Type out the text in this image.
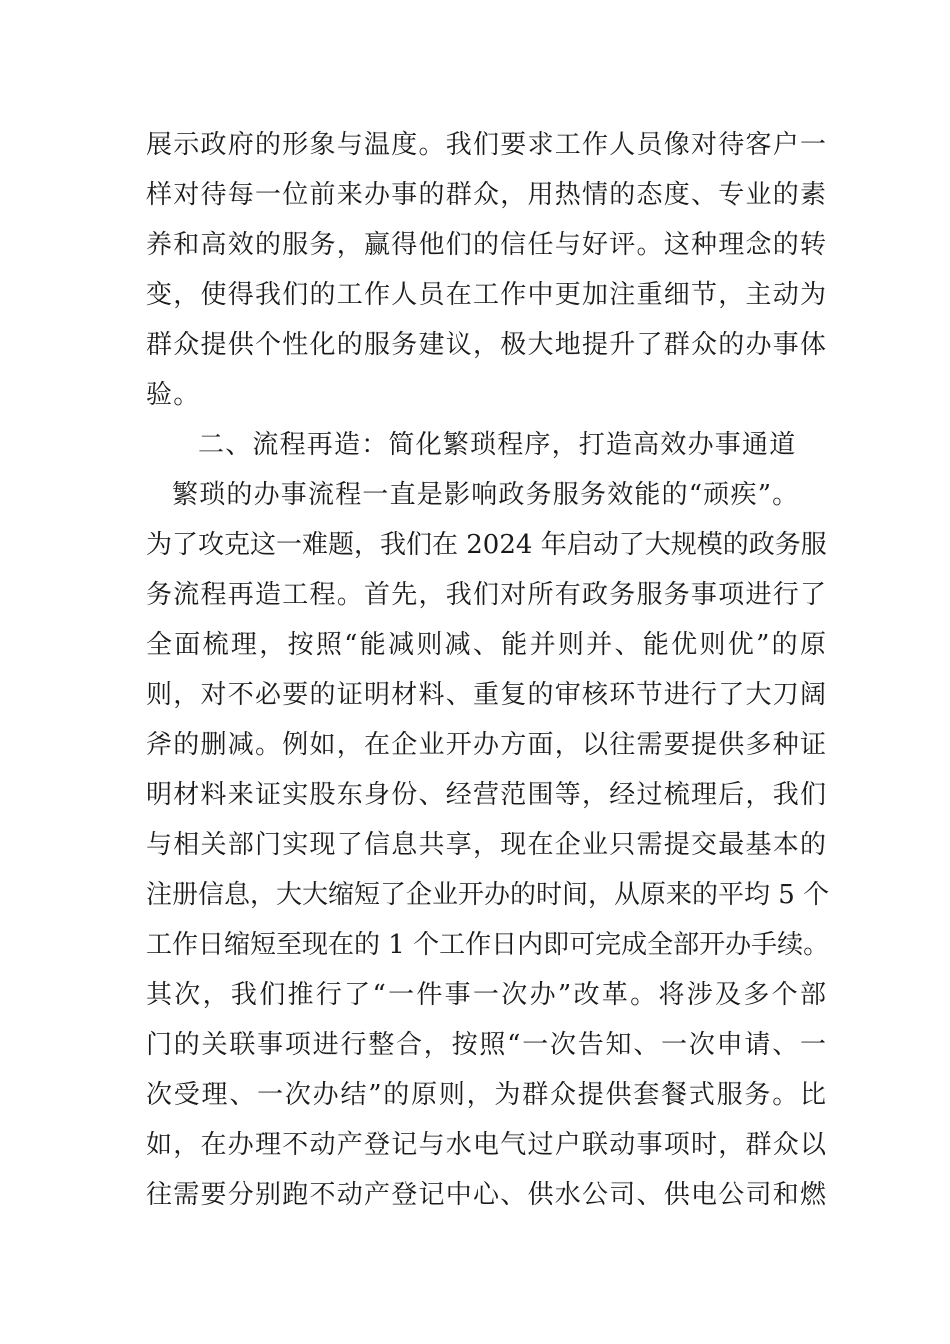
展示政府的形象与温度。我们要求工作人员像对待客户一
样对待每一位前来办事的群众，用热情的态度、专业的素
养和高效的服务，赢得他们的信任与好评。这种理念的转
变，使得我们的工作人员在工作中更加注重细节，主动为
群众提供个性化的服务建议，极大地提升了群众的办事体
验。
二、流程再造：简化繁琐程序，打造高效办事通道
繁琐的办事流程一直是影响政务服务效能的“顽疾”。
为了攻克这一难题，我们在 2024 年启动了大规模的政务服
务流程再造工程。首先，我们对所有政务服务事项进行了
全面梳理，按照“能减则减、能并则并、能优则优”的原
则，对不必要的证明材料、重复的审核环节进行了大刀阔
斧的删减。例如，在企业开办方面，以往需要提供多种证
明材料来证实股东身份、经营范围等，经过梳理后，我们
与相关部门实现了信息共享，现在企业只需提交最基本的
注册信息，大大缩短了企业开办的时间，从原来的平均 5 个
工作日缩短至现在的 1 个工作日内即可完成全部开办手续。
其次，我们推行了“一件事一次办”改革。将涉及多个部
门的关联事项进行整合，按照“一次告知、一次申请、一
次受理、一次办结”的原则，为群众提供套餐式服务。比
如，在办理不动产登记与水电气过户联动事项时，群众以
往需要分别跑不动产登记中心、供水公司、供电公司和燃
